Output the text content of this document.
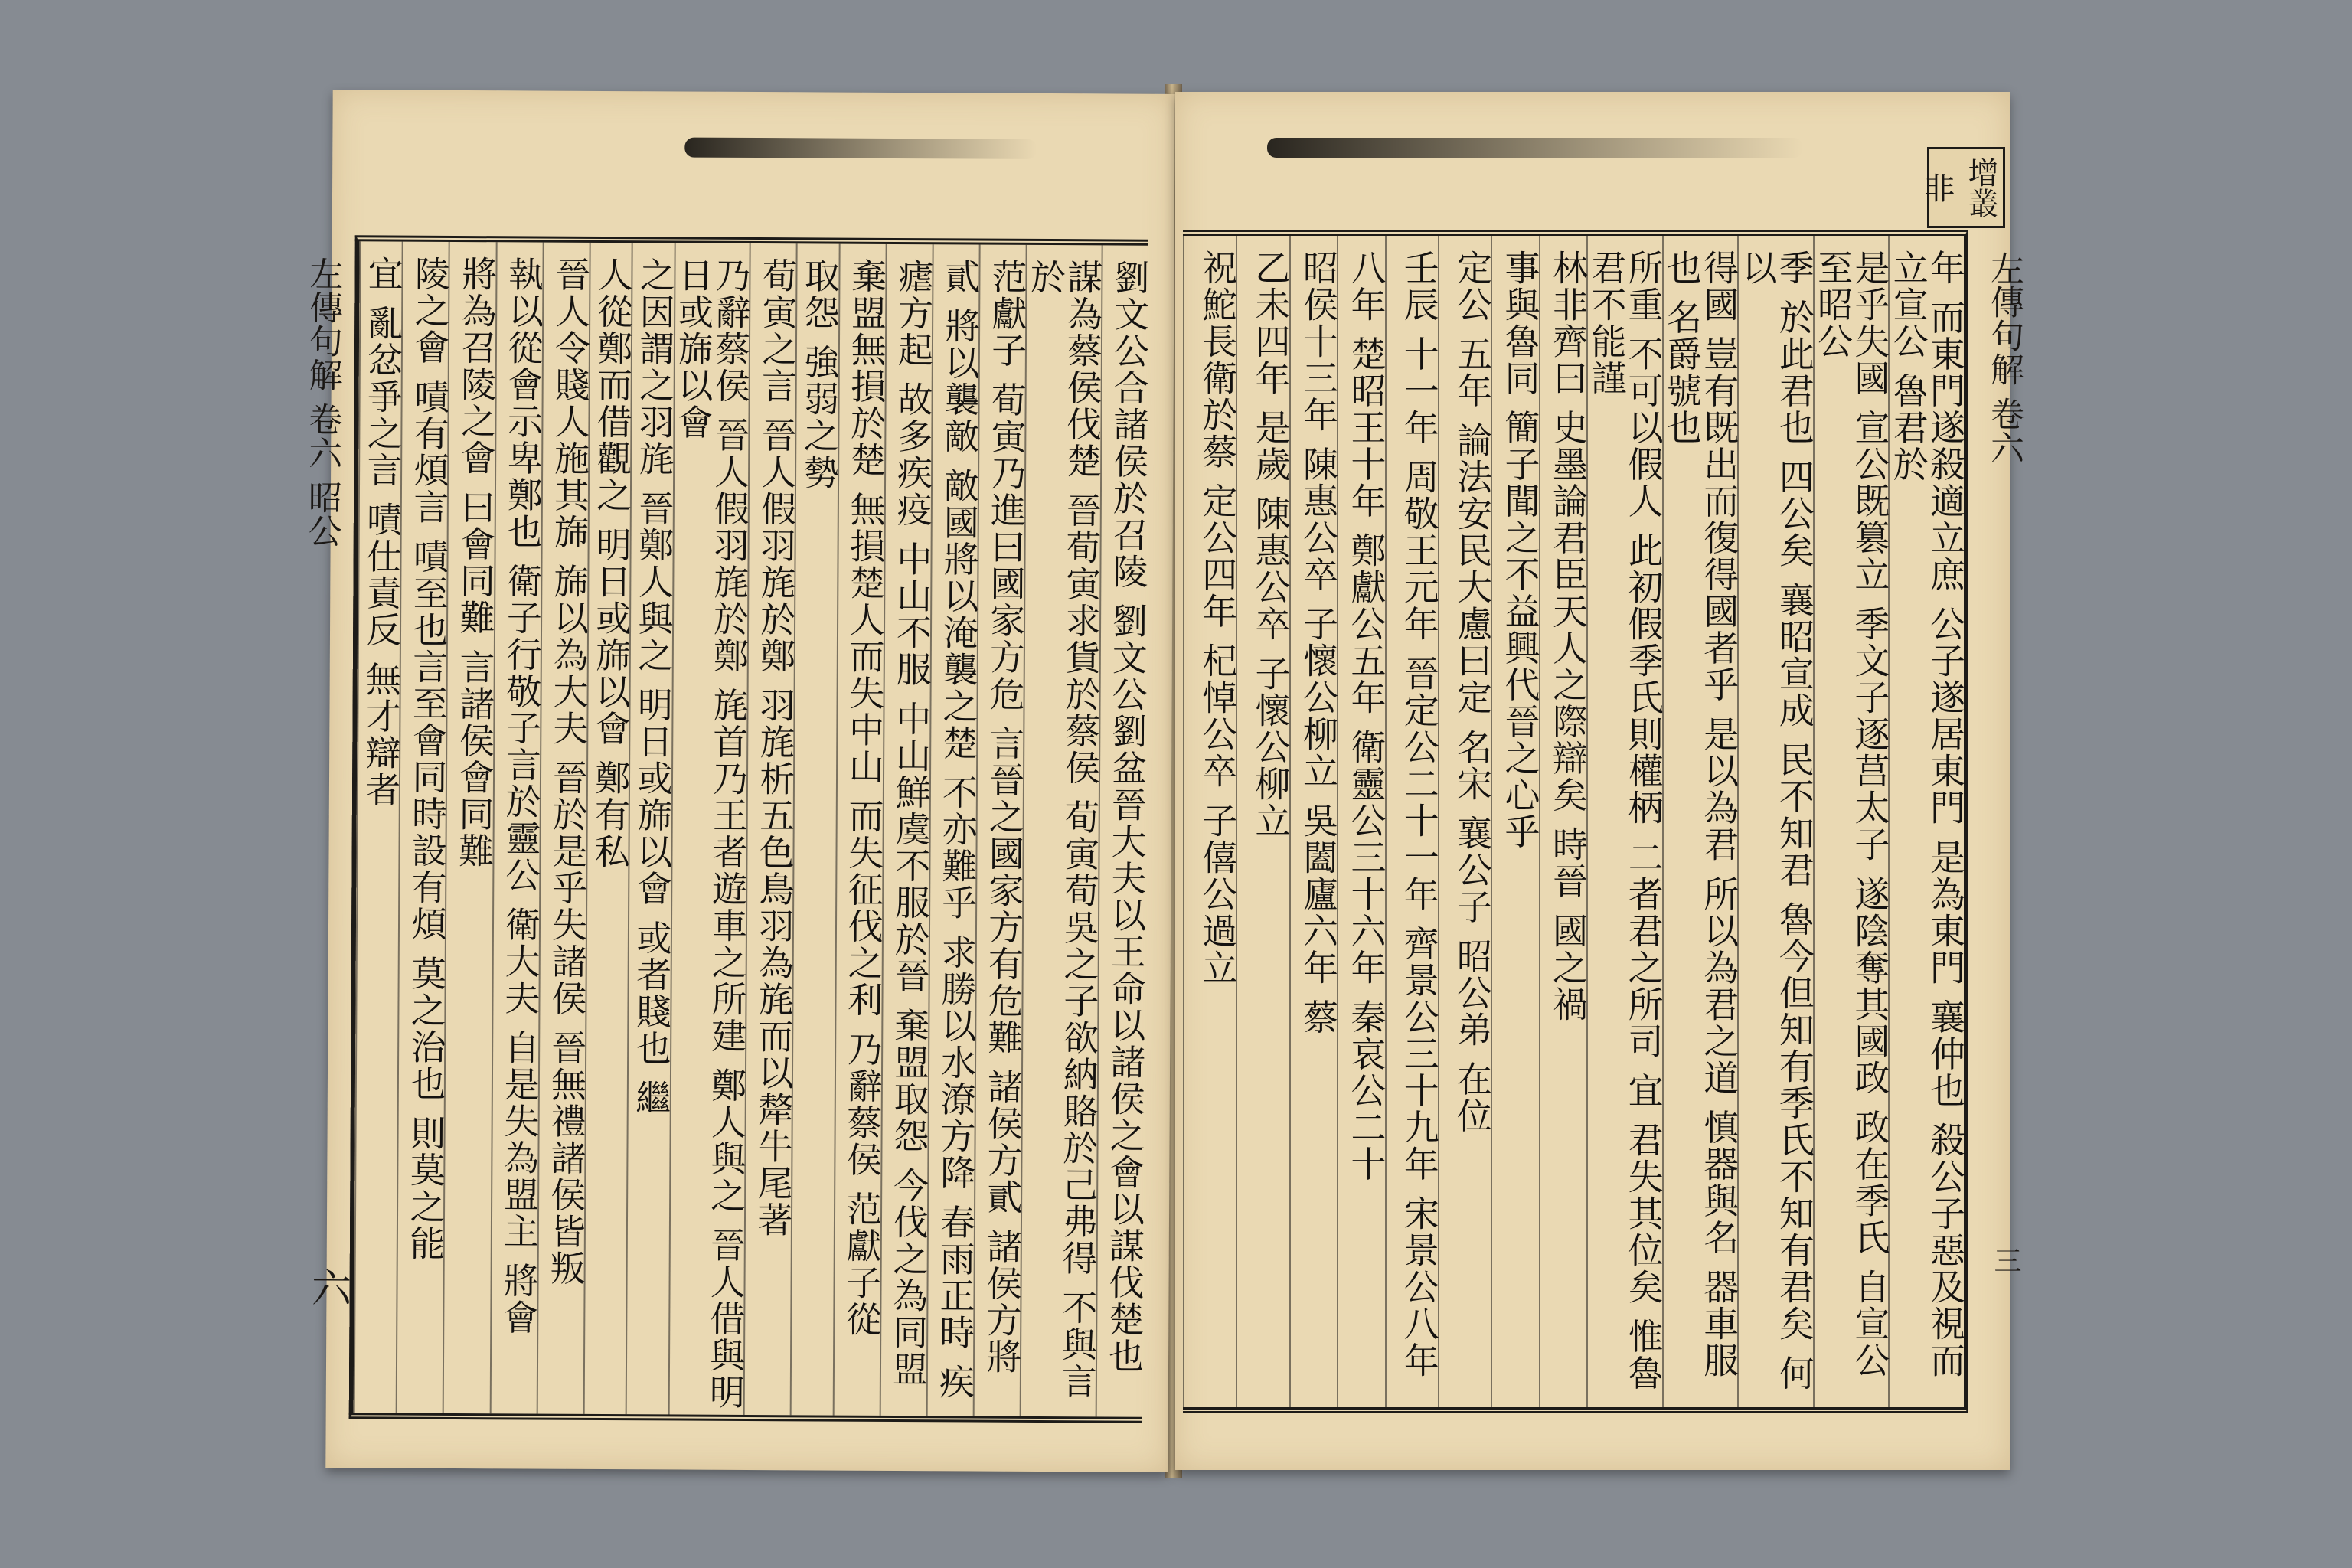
左傳句解 卷六 昭公
六	劉文公合諸侯於召陵 劉文公劉盆晉大夫以王命以諸侯之會以謀伐楚也
謀為蔡侯伐楚 晉荀寅求貨於蔡侯 荀寅荀吳之子欲納賂於己弗得 不與言於
范獻子 荀寅乃進曰國家方危 言晉之國家方有危難 諸侯方貳 諸侯方將
貳 將以襲敵 敵國將以淹襲之楚 不亦難乎 求勝以水潦方降 春雨正時 疾
瘧方起 故多疾疫 中山不服 中山鮮虞不服於晉 棄盟取怨 今伐之為同盟
棄盟無損於楚 無損楚人而失中山 而失征伐之利 乃辭蔡侯 范獻子從
取怨 強弱之勢
荀寅之言 晉人假羽旄於鄭 羽旄析五色鳥羽為旄而以犛牛尾著
乃辭蔡侯 晉人假羽旄於鄭 旄首乃王者遊車之所建 鄭人與之 晉人借與明日或旆以會
之因謂之羽旄 晉鄭人與之 明日或旆以會 或者賤也 繼
人從鄭而借觀之 明日或旆以會 鄭有私
晉人令賤人施其旆 旆以為大夫 晉於是乎失諸侯 晉無禮諸侯皆叛
執以從會示卑鄭也 衛子行敬子言於靈公 衛大夫 自是失為盟主 將會
將為召陵之會 曰會同難 言諸侯會同難
陵之會 嘖有煩言 嘖至也言至會同時設有煩 莫之治也 則莫之能
宜 亂忿爭之言 嘖仕責反 無才辯者
增叢非
左傳句解 卷六
三
年 而東門遂殺適立庶 公子遂居東門 是為東門 襄仲也 殺公子惡及視而立宣公 魯君於
是乎失國 宣公既篡立 季文子逐莒太子 遂陰奪其國政 政在季氏 自宣公至昭公
季 於此君也 四公矣 襄昭宣成 民不知君 魯今但知有季氏不知有君矣 何以
得國 豈有既出而復得國者乎 是以為君 所以為君之道 慎器與名 器車服也 名爵號也
所重 不可以假人 此初假季氏則權柄 二者君之所司 宜 君失其位矣 惟魯君不能謹
林非齊曰 史墨論君臣天人之際辯矣 時晉 國之禍
事與魯同 簡子聞之不益興代晉之心乎
定公 五年 論法安民大慮曰定 名宋 襄公子 昭公弟 在位
壬辰 十一年 周敬王元年 晉定公二十一年 齊景公三十九年 宋景公八年
八年 楚昭王十年 鄭獻公五年 衛靈公三十六年 秦哀公二十
昭侯十三年 陳惠公卒 子懷公柳立 吳闔廬六年 蔡
乙未四年 是歲 陳惠公卒 子懷公柳立
祝鮀長衛於蔡 定公四年 杞悼公卒 子僖公過立
